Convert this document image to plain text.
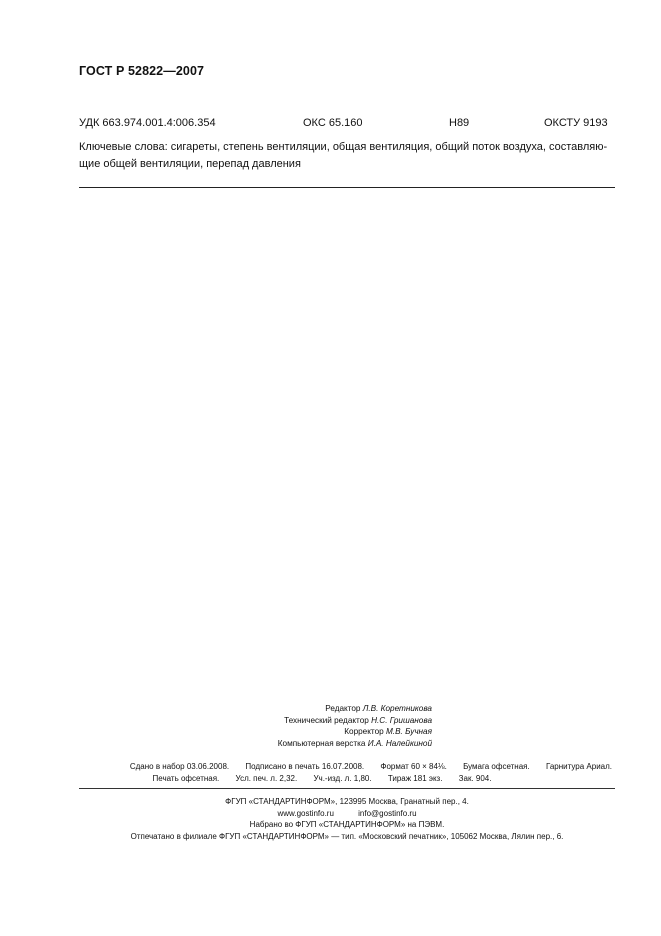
ГОСТ Р 52822—2007
УДК 663.974.001.4:006.354	ОКС 65.160	Н89	ОКСТУ 9193
Ключевые слова: сигареты, степень вентиляции, общая вентиляция, общий поток воздуха, составляю-
щие общей вентиляции, перепад давления
Редактор Л.В. Коретникова
Технический редактор Н.С. Гришанова
Корректор М.В. Бучная
Компьютерная верстка И.А. Налейкиной
Сдано в набор 03.06.2008. Подписано в печать 16.07.2008. Формат 60 × 84⅛. Бумага офсетная. Гарнитура Ариал.
Печать офсетная. Усл. печ. л. 2,32. Уч.-изд. л. 1,80. Тираж 181 экз. Зак. 904.
ФГУП «СТАНДАРТИНФОРМ», 123995 Москва, Гранатный пер., 4.
www.gostinfo.ru	info@gostinfo.ru
Набрано во ФГУП «СТАНДАРТИНФОРМ» на ПЭВМ.
Отпечатано в филиале ФГУП «СТАНДАРТИНФОРМ» — тип. «Московский печатник», 105062 Москва, Лялин пер., 6.
